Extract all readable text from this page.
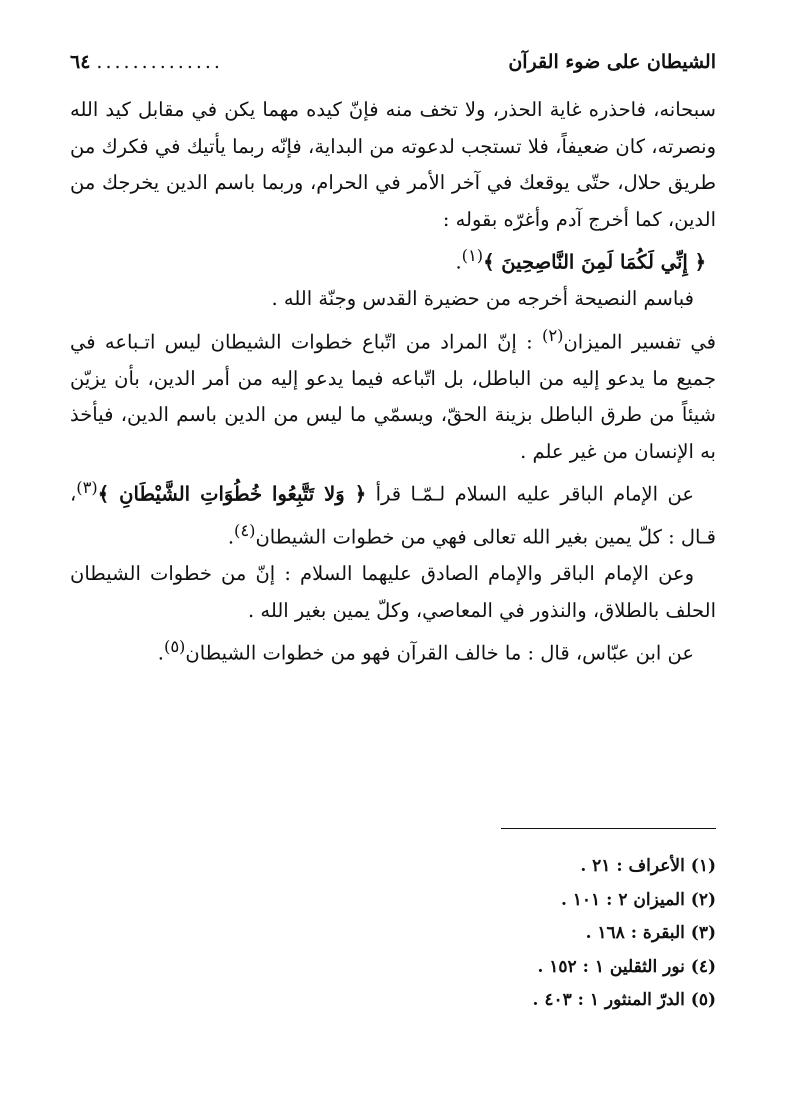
الشيطان على ضوء القرآن
٦٤ ..............

سبحانه، فاحذره غاية الحذر، ولا تخف منه فإنّ كيده مهما يكن في مقابل كيد الله ونصرته، كان ضعيفاً، فلا تستجب لدعوته من البداية، فإنّه ربما يأتيك في فكرك من طريق حلال، حتّى يوقعك في آخر الأمر في الحرام، وربما باسم الدين يخرجك من الدين، كما أخرج آدم وأغرّه بقوله :

﴿ إِنِّي لَكُمَا لَمِنَ النَّاصِحِينَ ﴾$^{(١)}$.

فباسم النصيحة أخرجه من حضيرة القدس وجنّة الله .

في تفسير الميزان$^{(٢)}$ : إنّ المراد من اتّباع خطوات الشيطان ليس اتـباعه في جميع ما يدعو إليه من الباطل، بل اتّباعه فيما يدعو إليه من أمر الدين، بأن يزيّن شيئاً من طرق الباطل بزينة الحقّ، ويسمّي ما ليس من الدين باسم الدين، فيأخذ به الإنسان من غير علم .

عن الإمام الباقر عليه السلام لـمّـا قرأ ﴿ وَلا تَتَّبِعُوا خُطُوَاتِ الشَّيْطَانِ ﴾$^{(٣)}$، قـال : كلّ يمين بغير الله تعالى فهي من خطوات الشيطان$^{(٤)}$.

وعن الإمام الباقر والإمام الصادق عليهما السلام : إنّ من خطوات الشيطان الحلف بالطلاق، والنذور في المعاصي، وكلّ يمين بغير الله .

عن ابن عبّاس، قال : ما خالف القرآن فهو من خطوات الشيطان$^{(٥)}$.

(١) الأعراف : ٢١ .
(٢) الميزان ٢ : ١٠١ .
(٣) البقرة : ١٦٨ .
(٤) نور الثقلين ١ : ١٥٢ .
(٥) الدرّ المنثور ١ : ٤٠٣ .
